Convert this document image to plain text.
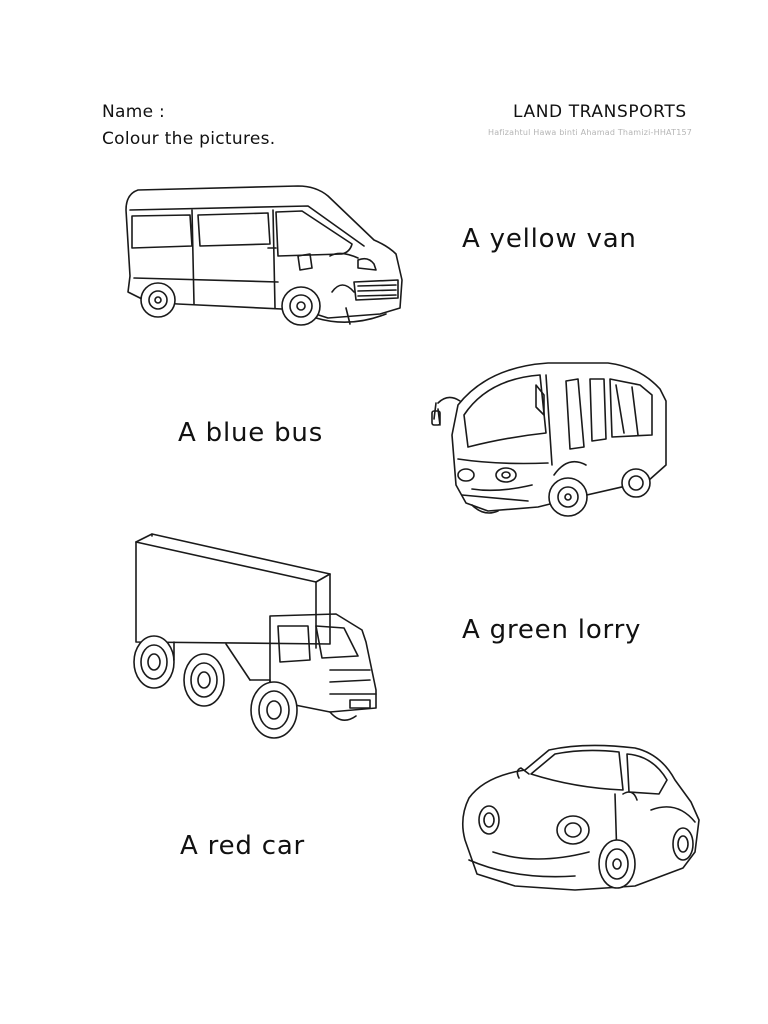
Name :
Colour the pictures.
LAND TRANSPORTS
Hafizahtul Hawa binti Ahamad Thamizi-HHAT157
A yellow van
A blue bus
A green lorry
A red car
